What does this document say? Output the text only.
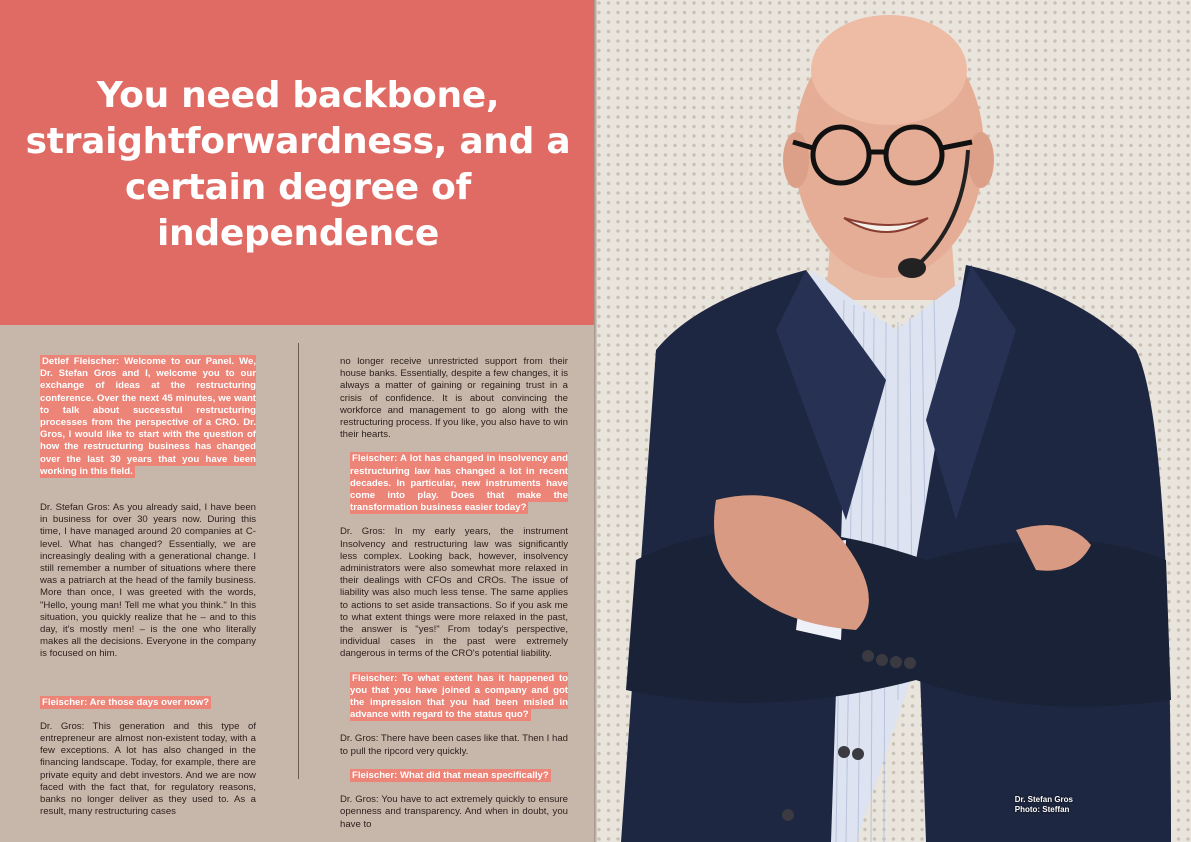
You need backbone, straightforwardness, and a certain degree of independence

Detlef Fleischer: Welcome to our Panel. We, Dr. Stefan Gros and I, welcome you to our exchange of ideas at the restructuring conference. Over the next 45 minutes, we want to talk about successful restructuring processes from the perspective of a CRO. Dr. Gros, I would like to start with the question of how the restructuring business has changed over the last 30 years that you have been working in this field.

Dr. Stefan Gros: As you already said, I have been in business for over 30 years now. During this time, I have managed around 20 companies at C-level. What has changed? Essentially, we are increasingly dealing with a generational change. I still remember a number of situations where there was a patriarch at the head of the family business. More than once, I was greeted with the words, "Hello, young man! Tell me what you think." In this situation, you quickly realize that he – and to this day, it's mostly men! – is the one who literally makes all the decisions. Everyone in the company is focused on him.

Fleischer: Are those days over now?

Dr. Gros: This generation and this type of entrepreneur are almost non-existent today, with a few exceptions. A lot has also changed in the financing landscape. Today, for example, there are private equity and debt investors. And we are now faced with the fact that, for regulatory reasons, banks no longer deliver as they used to. As a result, many restructuring cases

no longer receive unrestricted support from their house banks. Essentially, despite a few changes, it is always a matter of gaining or regaining trust in a crisis of confidence. It is about convincing the workforce and management to go along with the restructuring process. If you like, you also have to win their hearts.

Fleischer: A lot has changed in insolvency and restructuring law has changed a lot in recent decades. In particular, new instruments have come into play. Does that make the transformation business easier today?

Dr. Gros: In my early years, the instrument Insolvency and restructuring law was significantly less complex. Looking back, however, insolvency administrators were also somewhat more relaxed in their dealings with CFOs and CROs. The issue of liability was also much less tense. The same applies to actions to set aside transactions. So if you ask me to what extent things were more relaxed in the past, the answer is "yes!" From today's perspective, individual cases in the past were extremely dangerous in terms of the CRO's potential liability.

Fleischer: To what extent has it happened to you that you have joined a company and got the impression that you had been misled in advance with regard to the status quo?

Dr. Gros: There have been cases like that. Then I had to pull the ripcord very quickly.

Fleischer: What did that mean specifically?

Dr. Gros: You have to act extremely quickly to ensure openness and transparency. And when in doubt, you have to

Dr. Stefan Gros
Photo: Steffan
